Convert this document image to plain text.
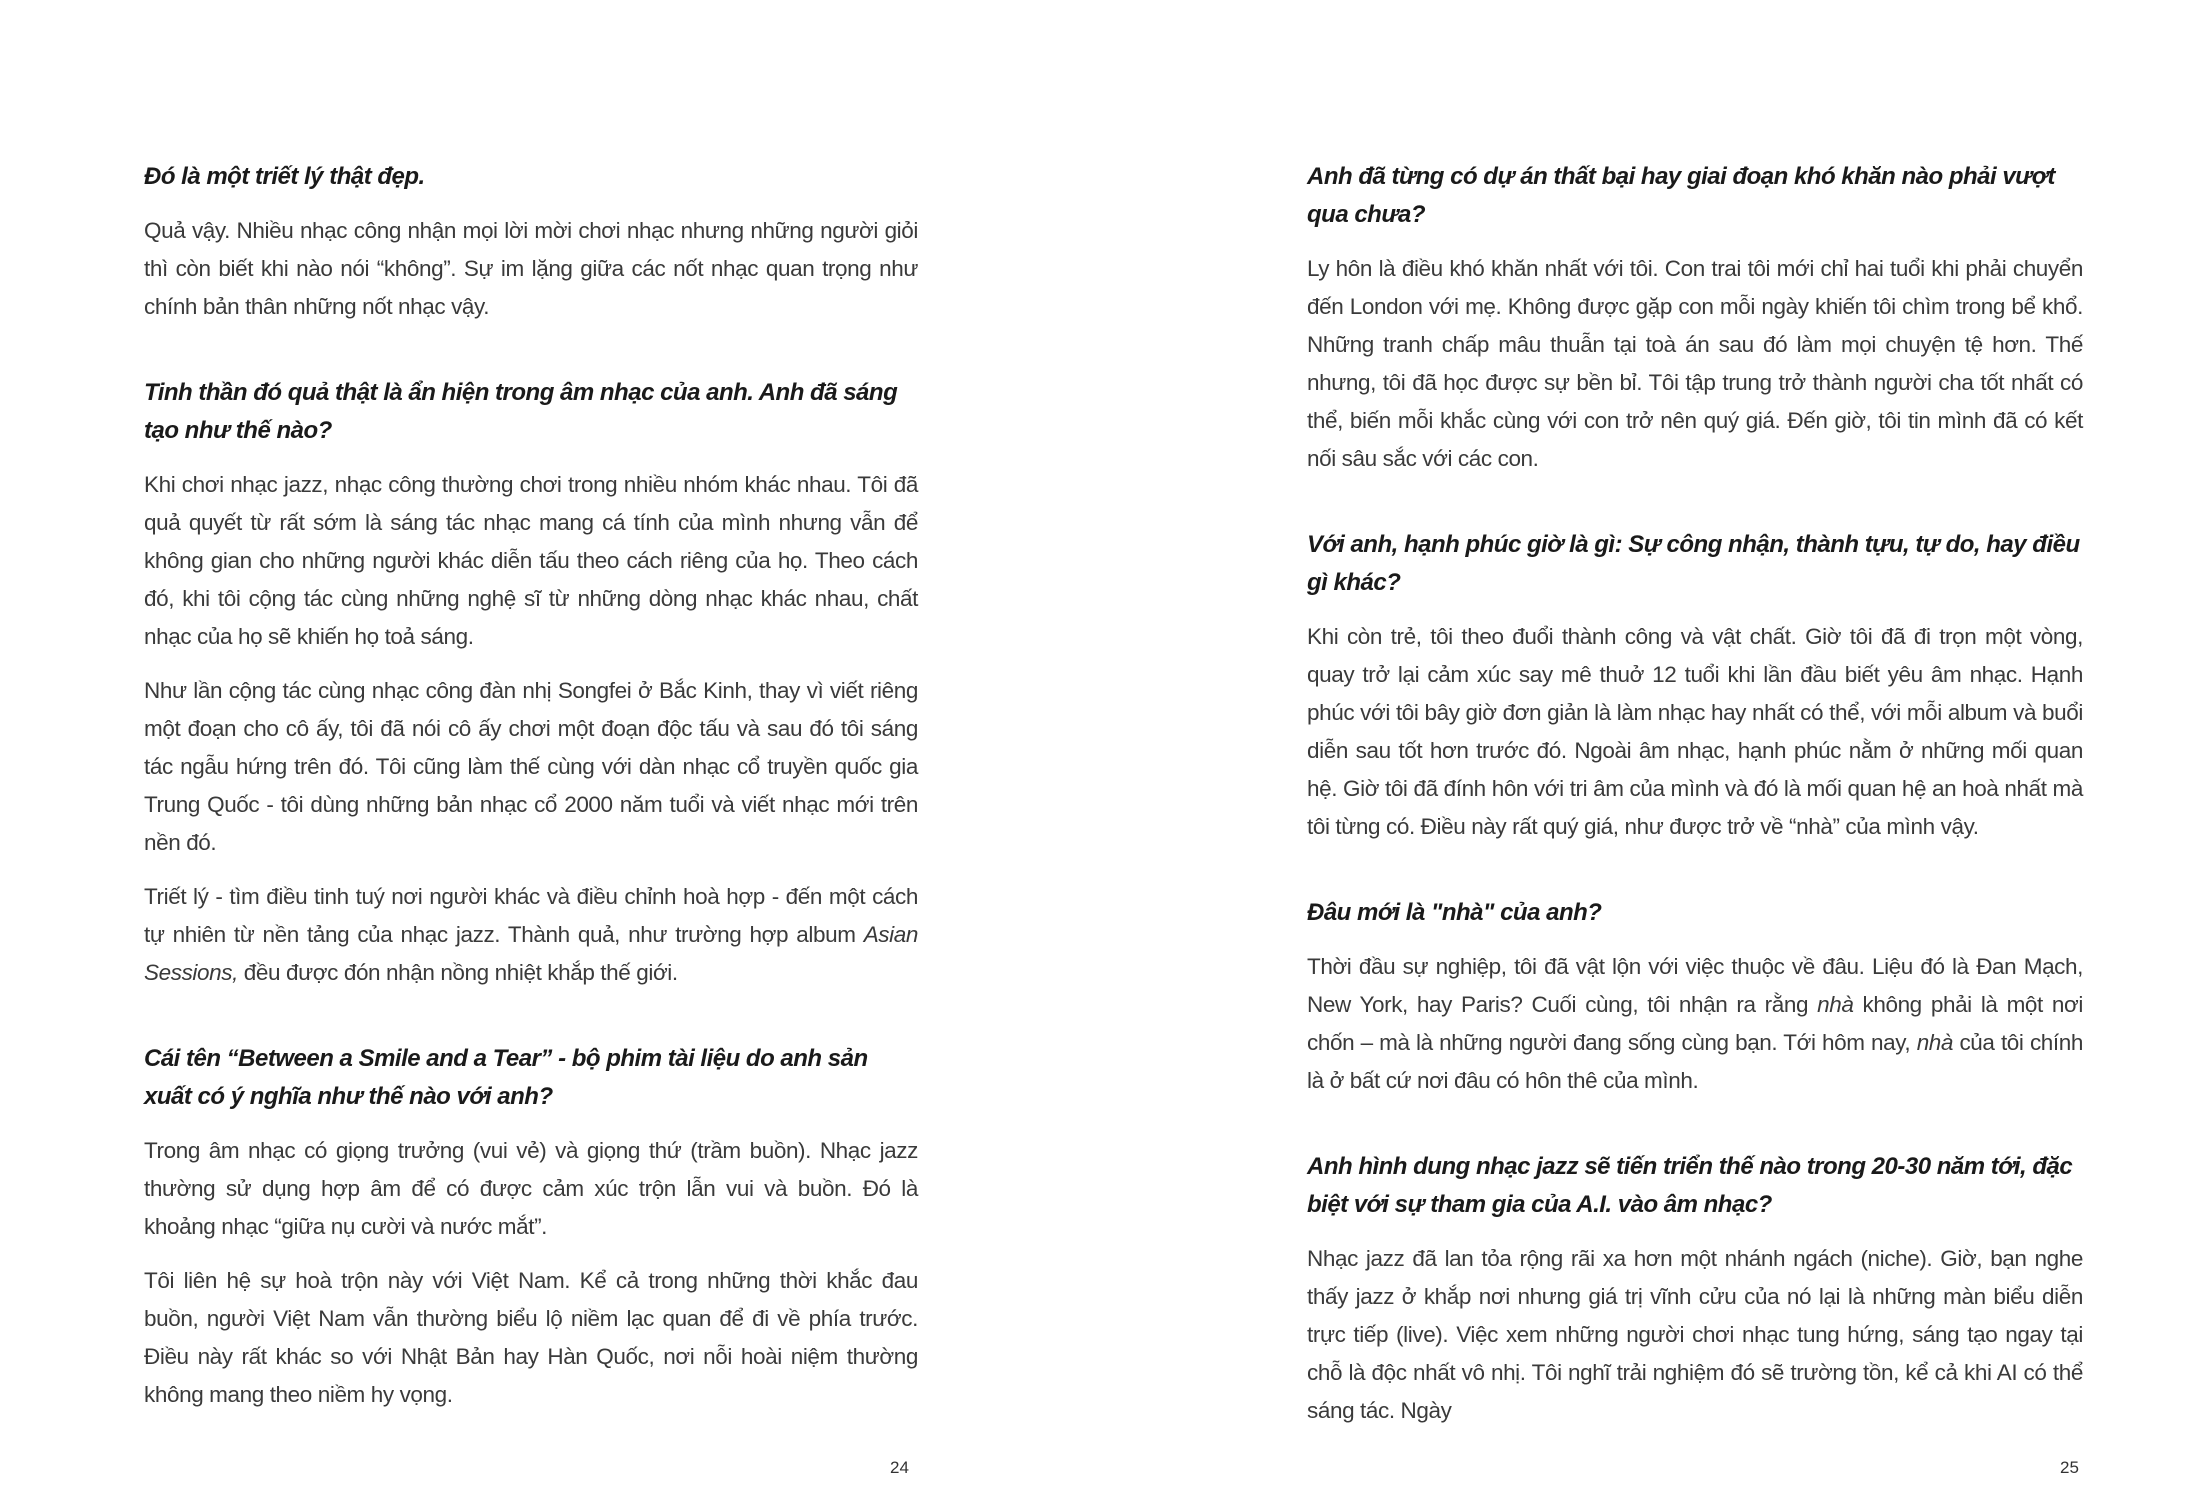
Đó là một triết lý thật đẹp.

Quả vậy. Nhiều nhạc công nhận mọi lời mời chơi nhạc nhưng những người giỏi thì còn biết khi nào nói “không”. Sự im lặng giữa các nốt nhạc quan trọng như chính bản thân những nốt nhạc vậy.

Tinh thần đó quả thật là ẩn hiện trong âm nhạc của anh. Anh đã sáng tạo như thế nào?

Khi chơi nhạc jazz, nhạc công thường chơi trong nhiều nhóm khác nhau. Tôi đã quả quyết từ rất sớm là sáng tác nhạc mang cá tính của mình nhưng vẫn để không gian cho những người khác diễn tấu theo cách riêng của họ. Theo cách đó, khi tôi cộng tác cùng những nghệ sĩ từ những dòng nhạc khác nhau, chất nhạc của họ sẽ khiến họ toả sáng.

Như lần cộng tác cùng nhạc công đàn nhị Songfei ở Bắc Kinh, thay vì viết riêng một đoạn cho cô ấy, tôi đã nói cô ấy chơi một đoạn độc tấu và sau đó tôi sáng tác ngẫu hứng trên đó. Tôi cũng làm thế cùng với dàn nhạc cổ truyền quốc gia Trung Quốc - tôi dùng những bản nhạc cổ 2000 năm tuổi và viết nhạc mới trên nền đó.

Triết lý - tìm điều tinh tuý nơi người khác và điều chỉnh hoà hợp - đến một cách tự nhiên từ nền tảng của nhạc jazz. Thành quả, như trường hợp album Asian Sessions, đều được đón nhận nồng nhiệt khắp thế giới.

Cái tên “Between a Smile and a Tear” - bộ phim tài liệu do anh sản xuất có ý nghĩa như thế nào với anh?

Trong âm nhạc có giọng trưởng (vui vẻ) và giọng thứ (trầm buồn). Nhạc jazz thường sử dụng hợp âm để có được cảm xúc trộn lẫn vui và buồn. Đó là khoảng nhạc “giữa nụ cười và nước mắt”.

Tôi liên hệ sự hoà trộn này với Việt Nam. Kể cả trong những thời khắc đau buồn, người Việt Nam vẫn thường biểu lộ niềm lạc quan để đi về phía trước. Điều này rất khác so với Nhật Bản hay Hàn Quốc, nơi nỗi hoài niệm thường không mang theo niềm hy vọng.

24

Anh đã từng có dự án thất bại hay giai đoạn khó khăn nào phải vượt qua chưa?

Ly hôn là điều khó khăn nhất với tôi. Con trai tôi mới chỉ hai tuổi khi phải chuyển đến London với mẹ. Không được gặp con mỗi ngày khiến tôi chìm trong bể khổ. Những tranh chấp mâu thuẫn tại toà án sau đó làm mọi chuyện tệ hơn. Thế nhưng, tôi đã học được sự bền bỉ. Tôi tập trung trở thành người cha tốt nhất có thể, biến mỗi khắc cùng với con trở nên quý giá. Đến giờ, tôi tin mình đã có kết nối sâu sắc với các con.

Với anh, hạnh phúc giờ là gì: Sự công nhận, thành tựu, tự do, hay điều gì khác?

Khi còn trẻ, tôi theo đuổi thành công và vật chất. Giờ tôi đã đi trọn một vòng, quay trở lại cảm xúc say mê thuở 12 tuổi khi lần đầu biết yêu âm nhạc. Hạnh phúc với tôi bây giờ đơn giản là làm nhạc hay nhất có thể, với mỗi album và buổi diễn sau tốt hơn trước đó. Ngoài âm nhạc, hạnh phúc nằm ở những mối quan hệ. Giờ tôi đã đính hôn với tri âm của mình và đó là mối quan hệ an hoà nhất mà tôi từng có. Điều này rất quý giá, như được trở về “nhà” của mình vậy.

Đâu mới là "nhà" của anh?

Thời đầu sự nghiệp, tôi đã vật lộn với việc thuộc về đâu. Liệu đó là Đan Mạch, New York, hay Paris? Cuối cùng, tôi nhận ra rằng nhà không phải là một nơi chốn – mà là những người đang sống cùng bạn. Tới hôm nay, nhà của tôi chính là ở bất cứ nơi đâu có hôn thê của mình.

Anh hình dung nhạc jazz sẽ tiến triển thế nào trong 20-30 năm tới, đặc biệt với sự tham gia của A.I. vào âm nhạc?

Nhạc jazz đã lan tỏa rộng rãi xa hơn một nhánh ngách (niche). Giờ, bạn nghe thấy jazz ở khắp nơi nhưng giá trị vĩnh cửu của nó lại là những màn biểu diễn trực tiếp (live). Việc xem những người chơi nhạc tung hứng, sáng tạo ngay tại chỗ là độc nhất vô nhị. Tôi nghĩ trải nghiệm đó sẽ trường tồn, kể cả khi AI có thể sáng tác. Ngày

25
